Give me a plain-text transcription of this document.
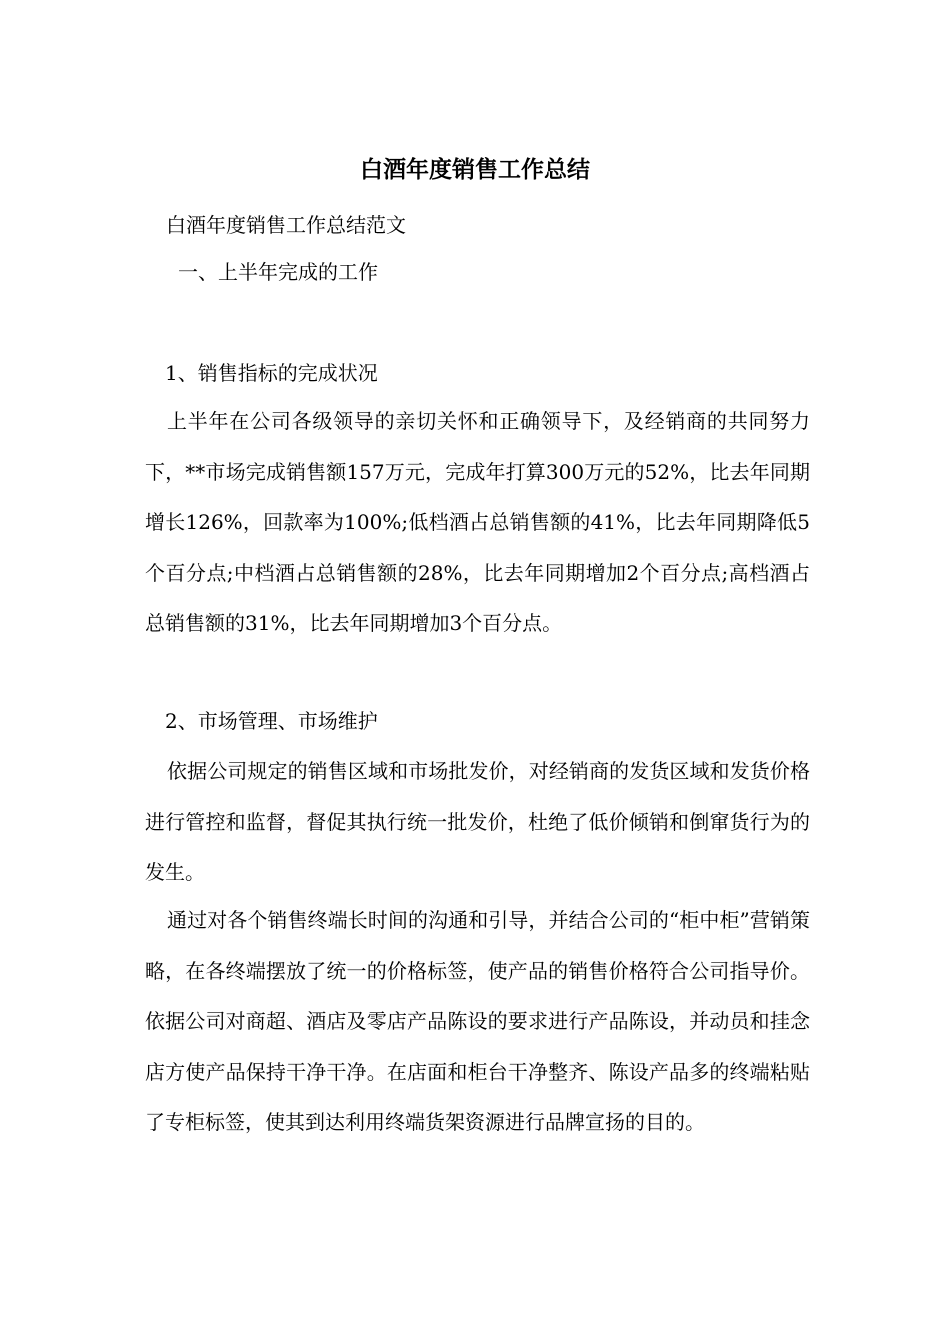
白酒年度销售工作总结
白酒年度销售工作总结范文
一、上半年完成的工作
1、销售指标的完成状况
上半年在公司各级领导的亲切关怀和正确领导下，及经销商的共同努力下，**市场完成销售额157万元，完成年打算300万元的52%，比去年同期增长126%，回款率为100%;低档酒占总销售额的41%，比去年同期降低5个百分点;中档酒占总销售额的28%，比去年同期增加2个百分点;高档酒占总销售额的31%，比去年同期增加3个百分点。
2、市场管理、市场维护
依据公司规定的销售区域和市场批发价，对经销商的发货区域和发货价格进行管控和监督，督促其执行统一批发价，杜绝了低价倾销和倒窜货行为的发生。
通过对各个销售终端长时间的沟通和引导，并结合公司的“柜中柜”营销策略，在各终端摆放了统一的价格标签，使产品的销售价格符合公司指导价。依据公司对商超、酒店及零店产品陈设的要求进行产品陈设，并动员和挂念店方使产品保持干净干净。在店面和柜台干净整齐、陈设产品多的终端粘贴了专柜标签，使其到达利用终端货架资源进行品牌宣扬的目的。
